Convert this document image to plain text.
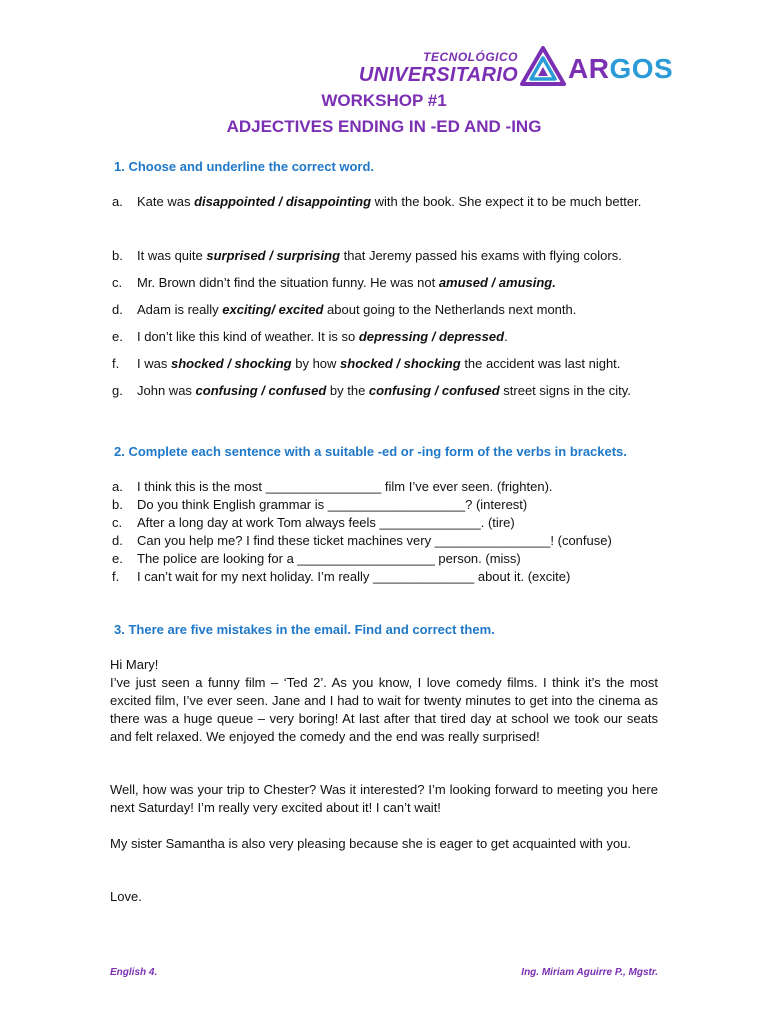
TECNOLÓGICO
UNIVERSITARIO ARGOS
WORKSHOP #1
ADJECTIVES ENDING IN -ED AND -ING
1. Choose and underline the correct word.
a. Kate was disappointed / disappointing with the book. She expect it to be much better.
b. It was quite surprised / surprising that Jeremy passed his exams with flying colors.
c. Mr. Brown didn’t find the situation funny. He was not amused / amusing.
d. Adam is really exciting/ excited about going to the Netherlands next month.
e. I don’t like this kind of weather. It is so depressing / depressed.
f. I was shocked / shocking by how shocked / shocking the accident was last night.
g. John was confusing / confused by the confusing / confused street signs in the city.
2. Complete each sentence with a suitable -ed or -ing form of the verbs in brackets.
a. I think this is the most ________________ film I’ve ever seen. (frighten).
b. Do you think English grammar is ___________________? (interest)
c. After a long day at work Tom always feels ______________. (tire)
d. Can you help me? I find these ticket machines very ________________! (confuse)
e. The police are looking for a ___________________ person. (miss)
f. I can’t wait for my next holiday. I’m really ______________ about it. (excite)
3. There are five mistakes in the email. Find and correct them.
Hi Mary!
I’ve just seen a funny film – ‘Ted 2’. As you know, I love comedy films. I think it’s the most excited film, I’ve ever seen. Jane and I had to wait for twenty minutes to get into the cinema as there was a huge queue – very boring! At last after that tired day at school we took our seats and felt relaxed. We enjoyed the comedy and the end was really surprised!
Well, how was your trip to Chester? Was it interested? I’m looking forward to meeting you here next Saturday! I’m really very excited about it! I can’t wait!
My sister Samantha is also very pleasing because she is eager to get acquainted with you.
Love.
English 4.	Ing. Miriam Aguirre P., Mgstr.
